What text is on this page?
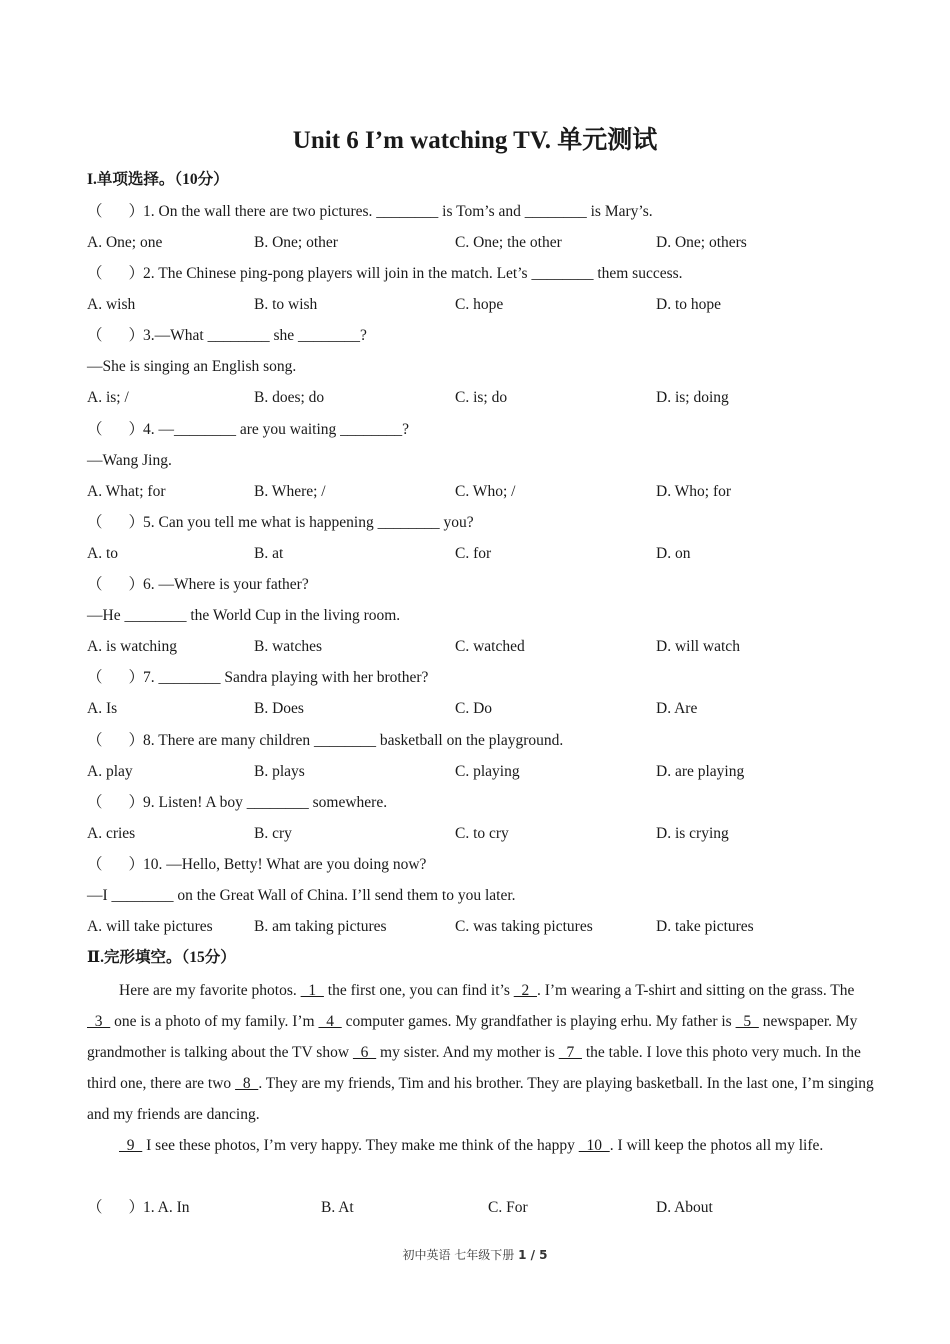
Unit 6 I’m watching TV. 单元测试
I.单项选择。（10分）
（ ）1. On the wall there are two pictures. ________ is Tom’s and ________ is Mary’s.
A. One; one	B. One; other	C. One; the other	D. One; others
（ ）2. The Chinese ping-pong players will join in the match. Let’s ________ them success.
A. wish	B. to wish	C. hope	D. to hope
（ ）3.—What ________ she ________?
—She is singing an English song.
A. is; /	B. does; do	C. is; do	D. is; doing
（ ）4. —________ are you waiting ________?
—Wang Jing.
A. What; for	B. Where; /	C. Who; /	D. Who; for
（ ）5. Can you tell me what is happening ________ you?
A. to	B. at	C. for	D. on
（ ）6. —Where is your father?
—He ________ the World Cup in the living room.
A. is watching	B. watches	C. watched	D. will watch
（ ）7. ________ Sandra playing with her brother?
A. Is	B. Does	C. Do	D. Are
（ ）8. There are many children ________ basketball on the playground.
A. play	B. plays	C. playing	D. are playing
（ ）9. Listen! A boy ________ somewhere.
A. cries	B. cry	C. to cry	D. is crying
（ ）10. —Hello, Betty! What are you doing now?
—I ________ on the Great Wall of China. I’ll send them to you later.
A. will take pictures	B. am taking pictures	C. was taking pictures	D. take pictures
Ⅱ.完形填空。（15分）
Here are my favorite photos.   1   the first one, you can find it’s   2  . I’m wearing a T-shirt and sitting on the grass. The   3   one is a photo of my family. I’m   4   computer games. My grandfather is playing erhu. My father is   5   newspaper. My grandmother is talking about the TV show   6   my sister. And my mother is   7   the table. I love this photo very much. In the third one, there are two   8  . They are my friends, Tim and his brother. They are playing basketball. In the last one, I’m singing and my friends are dancing.
9   I see these photos, I’m very happy. They make me think of the happy   10  . I will keep the photos all my life.
（ ）1. A. In	B. At	C. For	D. About
初中英语 七年级下册 1 / 5
